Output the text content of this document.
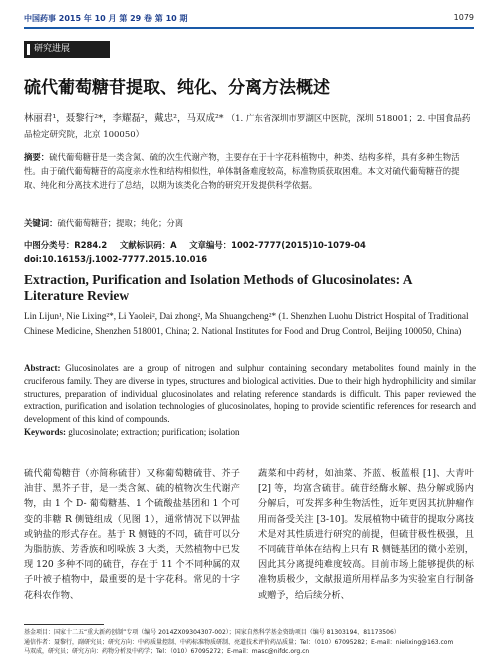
中国药事 2015 年 10 月 第 29 卷 第 10 期	1079
研究进展
硫代葡萄糖苷提取、纯化、分离方法概述
林丽君¹，聂黎行²*，李耀磊²，戴忠²，马双成²* （1. 广东省深圳市罗湖区中医院，深圳 518001；2. 中国食品药品检定研究院，北京 100050）
摘要：硫代葡萄糖苷是一类含氮、硫的次生代谢产物，主要存在于十字花科植物中，种类、结构多样，具有多种生物活性。由于硫代葡萄糖苷的高度亲水性和结构相似性，单体制备难度较高，标准物质获取困难。本文对硫代葡萄糖苷的提取、纯化和分离技术进行了总结，以期为该类化合物的研究开发提供科学依据。
关键词：硫代葡萄糖苷；提取；纯化；分离
中图分类号：R284.2 文献标识码：A 文章编号：1002-7777(2015)10-1079-04
doi:10.16153/j.1002-7777.2015.10.016
Extraction, Purification and Isolation Methods of Glucosinolates: A Literature Review
Lin Lijun¹, Nie Lixing²*, Li Yaolei², Dai zhong², Ma Shuangcheng²* (1. Shenzhen Luohu District Hospital of Traditional Chinese Medicine, Shenzhen 518001, China; 2. National Institutes for Food and Drug Control, Beijing 100050, China)
Abstract: Glucosinolates are a group of nitrogen and sulphur containing secondary metabolites found mainly in the cruciferous family. They are diverse in types, structures and biological activities. Due to their high hydrophilicity and similar structures, preparation of individual glucosinolates and relating reference standards is difficult. This paper reviewed the extraction, purification and isolation technologies of glucosinolates, hoping to provide scientific references for research and development of this kind of compounds.
Keywords: glucosinolate; extraction; purification; isolation
硫代葡萄糖苷（亦简称硫苷）又称葡萄糖硫苷、芥子油苷、黑芥子苷，是一类含氮、硫的植物次生代谢产物，由 1 个 D- 葡萄糖基、1 个硫酸盐基团和 1 个可变的非糖 R 侧链组成（见图 1），通常情况下以钾盐或钠盐的形式存在。基于 R 侧链的不同，硫苷可以分为脂肪族、芳香族和吲哚族 3 大类，天然植物中已发现 120 多种不同的硫苷，存在于 11 个不同种属的双子叶被子植物中，最重要的是十字花科。常见的十字花科农作物、
蔬菜和中药材，如油菜、芥蓝、板蓝根 [1]、大青叶 [2] 等，均富含硫苷。硫苷经酶水解、热分解或肠内分解后，可发挥多种生物活性，近年更因其抗肿瘤作用而备受关注 [3-10]。发展植物中硫苷的提取分离技术是对其性质进行研究的前提，但硫苷极性极强，且不同硫苷单体在结构上只有 R 侧链基团的微小差别，因此其分离提纯难度较高。目前市场上能够提供的标准物质极少，文献报道所用样品多为实验室自行制备或赠予，给后续分析、
基金项目：国家十二五“重大新药创制”专项（编号 2014ZX09304307-002）；国家自然科学基金资助项目（编号 81303194、81173506）
通信作者：聂黎行，副研究员；研究方向：中药质量控制、中药标准物质研制、亮道技术评价药品质量；Tel：（010）67095282；E-mail：nielixing@163.com
马双成，研究员；研究方向：药物分析及中药学；Tel：（010）67095272；E-mail：masc@nifdc.org.cn
